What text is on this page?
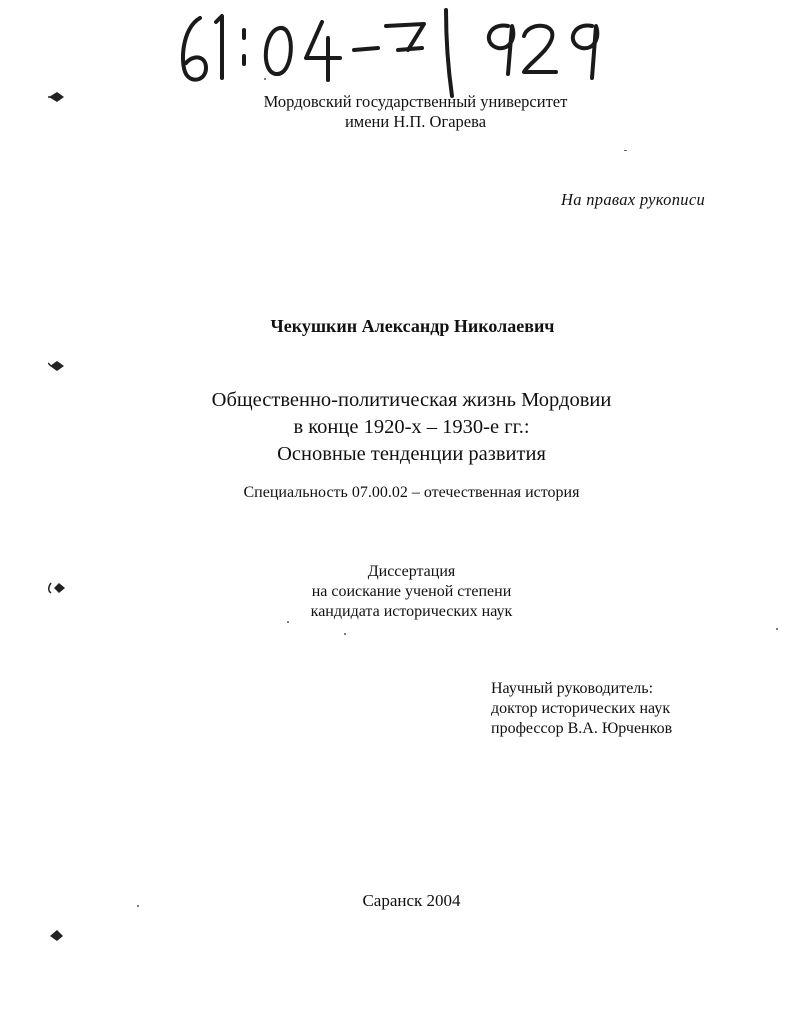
Мордовский государственный университет
имени Н.П. Огарева
На правах рукописи
Чекушкин Александр Николаевич
Общественно-политическая жизнь Мордовии
в конце 1920-х – 1930-е гг.:
Основные тенденции развития
Специальность 07.00.02 – отечественная история
Диссертация
на соискание ученой степени
кандидата исторических наук
Научный руководитель:
доктор исторических наук
профессор В.А. Юрченков
Саранск 2004
